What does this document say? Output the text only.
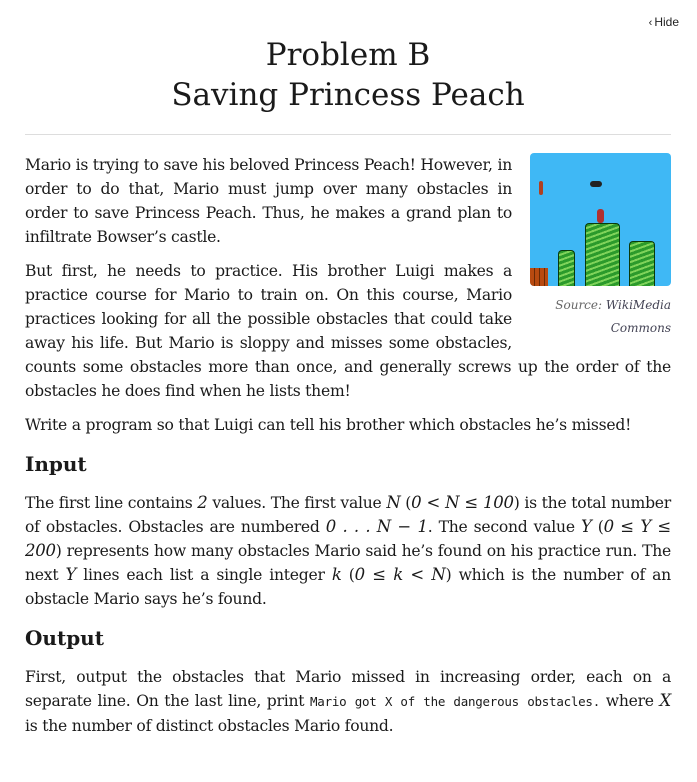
‹ Hide
Problem B
Saving Princess Peach
Source: WikiMedia Commons

Mario is trying to save his beloved Princess Peach! However, in order to do that, Mario must jump over many obstacles in order to save Princess Peach. Thus, he makes a grand plan to infiltrate Bowser’s castle.

But first, he needs to practice. His brother Luigi makes a practice course for Mario to train on. On this course, Mario practices looking for all the possible obstacles that could take away his life. But Mario is sloppy and misses some obstacles, counts some obstacles more than once, and generally screws up the order of the obstacles he does find when he lists them!

Write a program so that Luigi can tell his brother which obstacles he’s missed!

Input

The first line contains 2 values. The first value N (0 < N ≤ 100) is the total number of obstacles. Obstacles are numbered 0 . . . N − 1. The second value Y (0 ≤ Y ≤ 200) represents how many obstacles Mario said he’s found on his practice run. The next Y lines each list a single integer k (0 ≤ k < N) which is the number of an obstacle Mario says he’s found.

Output

First, output the obstacles that Mario missed in increasing order, each on a separate line. On the last line, print Mario got X of the dangerous obstacles. where X is the number of distinct obstacles Mario found.
